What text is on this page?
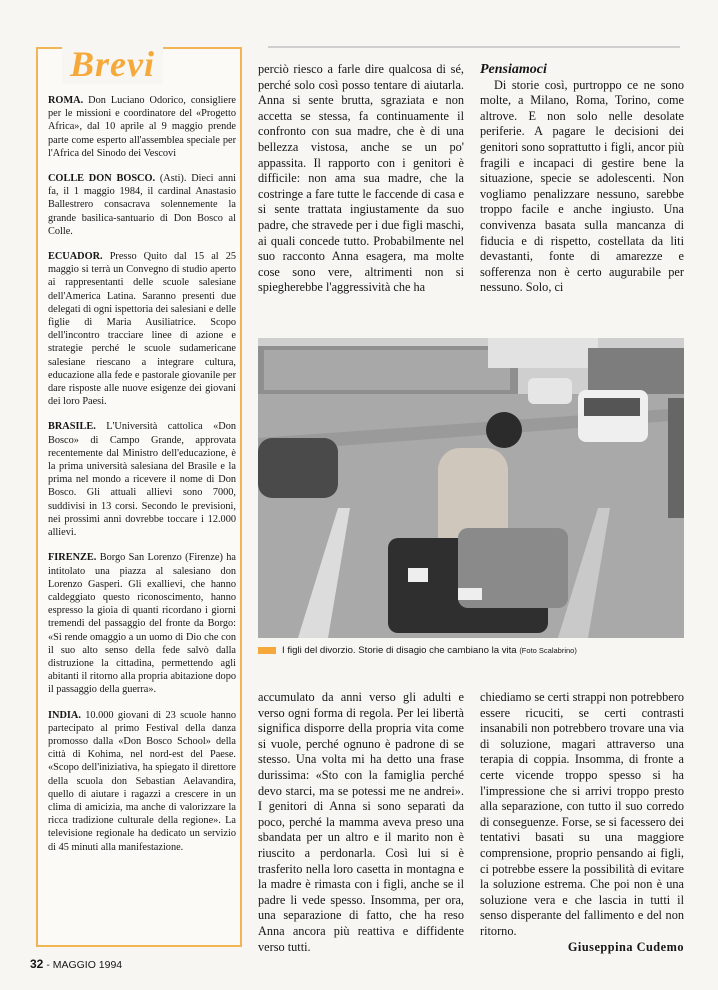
Brevi

ROMA. Don Luciano Odorico, consigliere per le missioni e coordinatore del «Progetto Africa», dal 10 aprile al 9 maggio prende parte come esperto all'assemblea speciale per l'Africa del Sinodo dei Vescovi

COLLE DON BOSCO. (Asti). Dieci anni fa, il 1 maggio 1984, il cardinal Anastasio Ballestrero consacrava solennemente la grande basilica-santuario di Don Bosco al Colle.

ECUADOR. Presso Quito dal 15 al 25 maggio si terrà un Convegno di studio aperto ai rappresentanti delle scuole salesiane dell'America Latina. Saranno presenti due delegati di ogni ispettoria dei salesiani e delle figlie di Maria Ausiliatrice. Scopo dell'incontro tracciare linee di azione e strategie perché le scuole sudamericane salesiane riescano a integrare cultura, educazione alla fede e pastorale giovanile per dare risposte alle nuove esigenze dei giovani dei loro Paesi.

BRASILE. L'Università cattolica «Don Bosco» di Campo Grande, approvata recentemente dal Ministro dell'educazione, è la prima università salesiana del Brasile e la prima nel mondo a ricevere il nome di Don Bosco. Gli attuali allievi sono 7000, suddivisi in 13 corsi. Secondo le previsioni, nei prossimi anni dovrebbe toccare i 12.000 allievi.

FIRENZE. Borgo San Lorenzo (Firenze) ha intitolato una piazza al salesiano don Lorenzo Gasperi. Gli exallievi, che hanno caldeggiato questo riconoscimento, hanno espresso la gioia di quanti ricordano i giorni tremendi del passaggio del fronte da Borgo: «Si rende omaggio a un uomo di Dio che con il suo alto senso della fede salvò dalla distruzione la cittadina, permettendo agli abitanti il ritorno alla propria abitazione dopo il passaggio della guerra».

INDIA. 10.000 giovani di 23 scuole hanno partecipato al primo Festival della danza promosso dalla «Don Bosco School» della città di Kohima, nel nord-est del Paese. «Scopo dell'iniziativa, ha spiegato il direttore della scuola don Sebastian Aelavandira, quello di aiutare i ragazzi a crescere in un clima di amicizia, ma anche di valorizzare la ricca tradizione culturale della regione». La televisione regionale ha dedicato un servizio di 45 minuti alla manifestazione.

perciò riesco a farle dire qualcosa di sé, perché solo così posso tentare di aiutarla. Anna si sente brutta, sgraziata e non accetta se stessa, fa continuamente il confronto con sua madre, che è di una bellezza vistosa, anche se un po' appassita. Il rapporto con i genitori è difficile: non ama sua madre, che la costringe a fare tutte le faccende di casa e si sente trattata ingiustamente da suo padre, che stravede per i due figli maschi, ai quali concede tutto. Probabilmente nel suo racconto Anna esagera, ma molte cose sono vere, altrimenti non si spiegherebbe l'aggressività che ha

Pensiamoci

Di storie così, purtroppo ce ne sono molte, a Milano, Roma, Torino, come altrove. E non solo nelle desolate periferie. A pagare le decisioni dei genitori sono soprattutto i figli, ancor più fragili e incapaci di gestire bene la situazione, specie se adolescenti. Non vogliamo penalizzare nessuno, sarebbe troppo facile e anche ingiusto. Una convivenza basata sulla mancanza di fiducia e di rispetto, costellata da liti devastanti, fonte di amarezze e sofferenza non è certo augurabile per nessuno. Solo, ci

I figli del divorzio. Storie di disagio che cambiano la vita (Foto Scalabrino)

accumulato da anni verso gli adulti e verso ogni forma di regola. Per lei libertà significa disporre della propria vita come si vuole, perché ognuno è padrone di se stesso. Una volta mi ha detto una frase durissima: «Sto con la famiglia perché devo starci, ma se potessi me ne andrei». I genitori di Anna si sono separati da poco, perché la mamma aveva preso una sbandata per un altro e il marito non è riuscito a perdonarla. Così lui si è trasferito nella loro casetta in montagna e la madre è rimasta con i figli, anche se il padre li vede spesso. Insomma, per ora, una separazione di fatto, che ha reso Anna ancora più reattiva e diffidente verso tutti.

chiediamo se certi strappi non potrebbero essere ricuciti, se certi contrasti insanabili non potrebbero trovare una via di soluzione, magari attraverso una terapia di coppia. Insomma, di fronte a certe vicende troppo spesso si ha l'impressione che si arrivi troppo presto alla separazione, con tutto il suo corredo di conseguenze. Forse, se si facessero dei tentativi basati su una maggiore comprensione, proprio pensando ai figli, ci potrebbe essere la possibilità di evitare la soluzione estrema. Che poi non è una soluzione vera e che lascia in tutti il senso disperante del fallimento e del non ritorno.

Giuseppina Cudemo

32 - MAGGIO 1994
